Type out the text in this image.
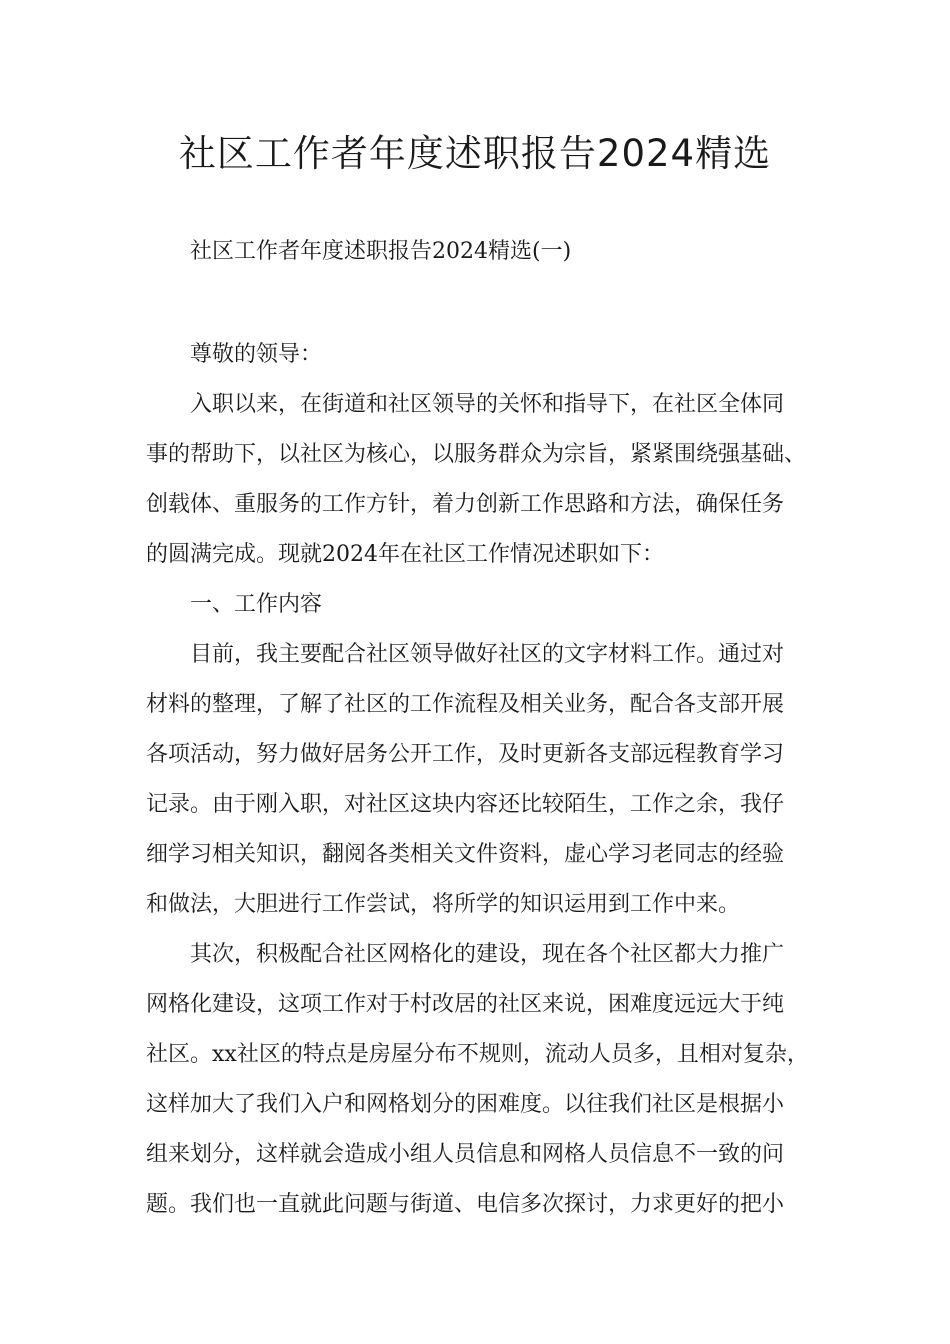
社区工作者年度述职报告2024精选

社区工作者年度述职报告2024精选(一)

尊敬的领导：
入职以来，在街道和社区领导的关怀和指导下，在社区全体同
事的帮助下，以社区为核心，以服务群众为宗旨，紧紧围绕强基础、
创载体、重服务的工作方针，着力创新工作思路和方法，确保任务
的圆满完成。现就2024年在社区工作情况述职如下：
一、工作内容
目前，我主要配合社区领导做好社区的文字材料工作。通过对
材料的整理，了解了社区的工作流程及相关业务，配合各支部开展
各项活动，努力做好居务公开工作，及时更新各支部远程教育学习
记录。由于刚入职，对社区这块内容还比较陌生，工作之余，我仔
细学习相关知识，翻阅各类相关文件资料，虚心学习老同志的经验
和做法，大胆进行工作尝试，将所学的知识运用到工作中来。
其次，积极配合社区网格化的建设，现在各个社区都大力推广
网格化建设，这项工作对于村改居的社区来说，困难度远远大于纯
社区。xx社区的特点是房屋分布不规则，流动人员多，且相对复杂，
这样加大了我们入户和网格划分的困难度。以往我们社区是根据小
组来划分，这样就会造成小组人员信息和网格人员信息不一致的问
题。我们也一直就此问题与街道、电信多次探讨，力求更好的把小
